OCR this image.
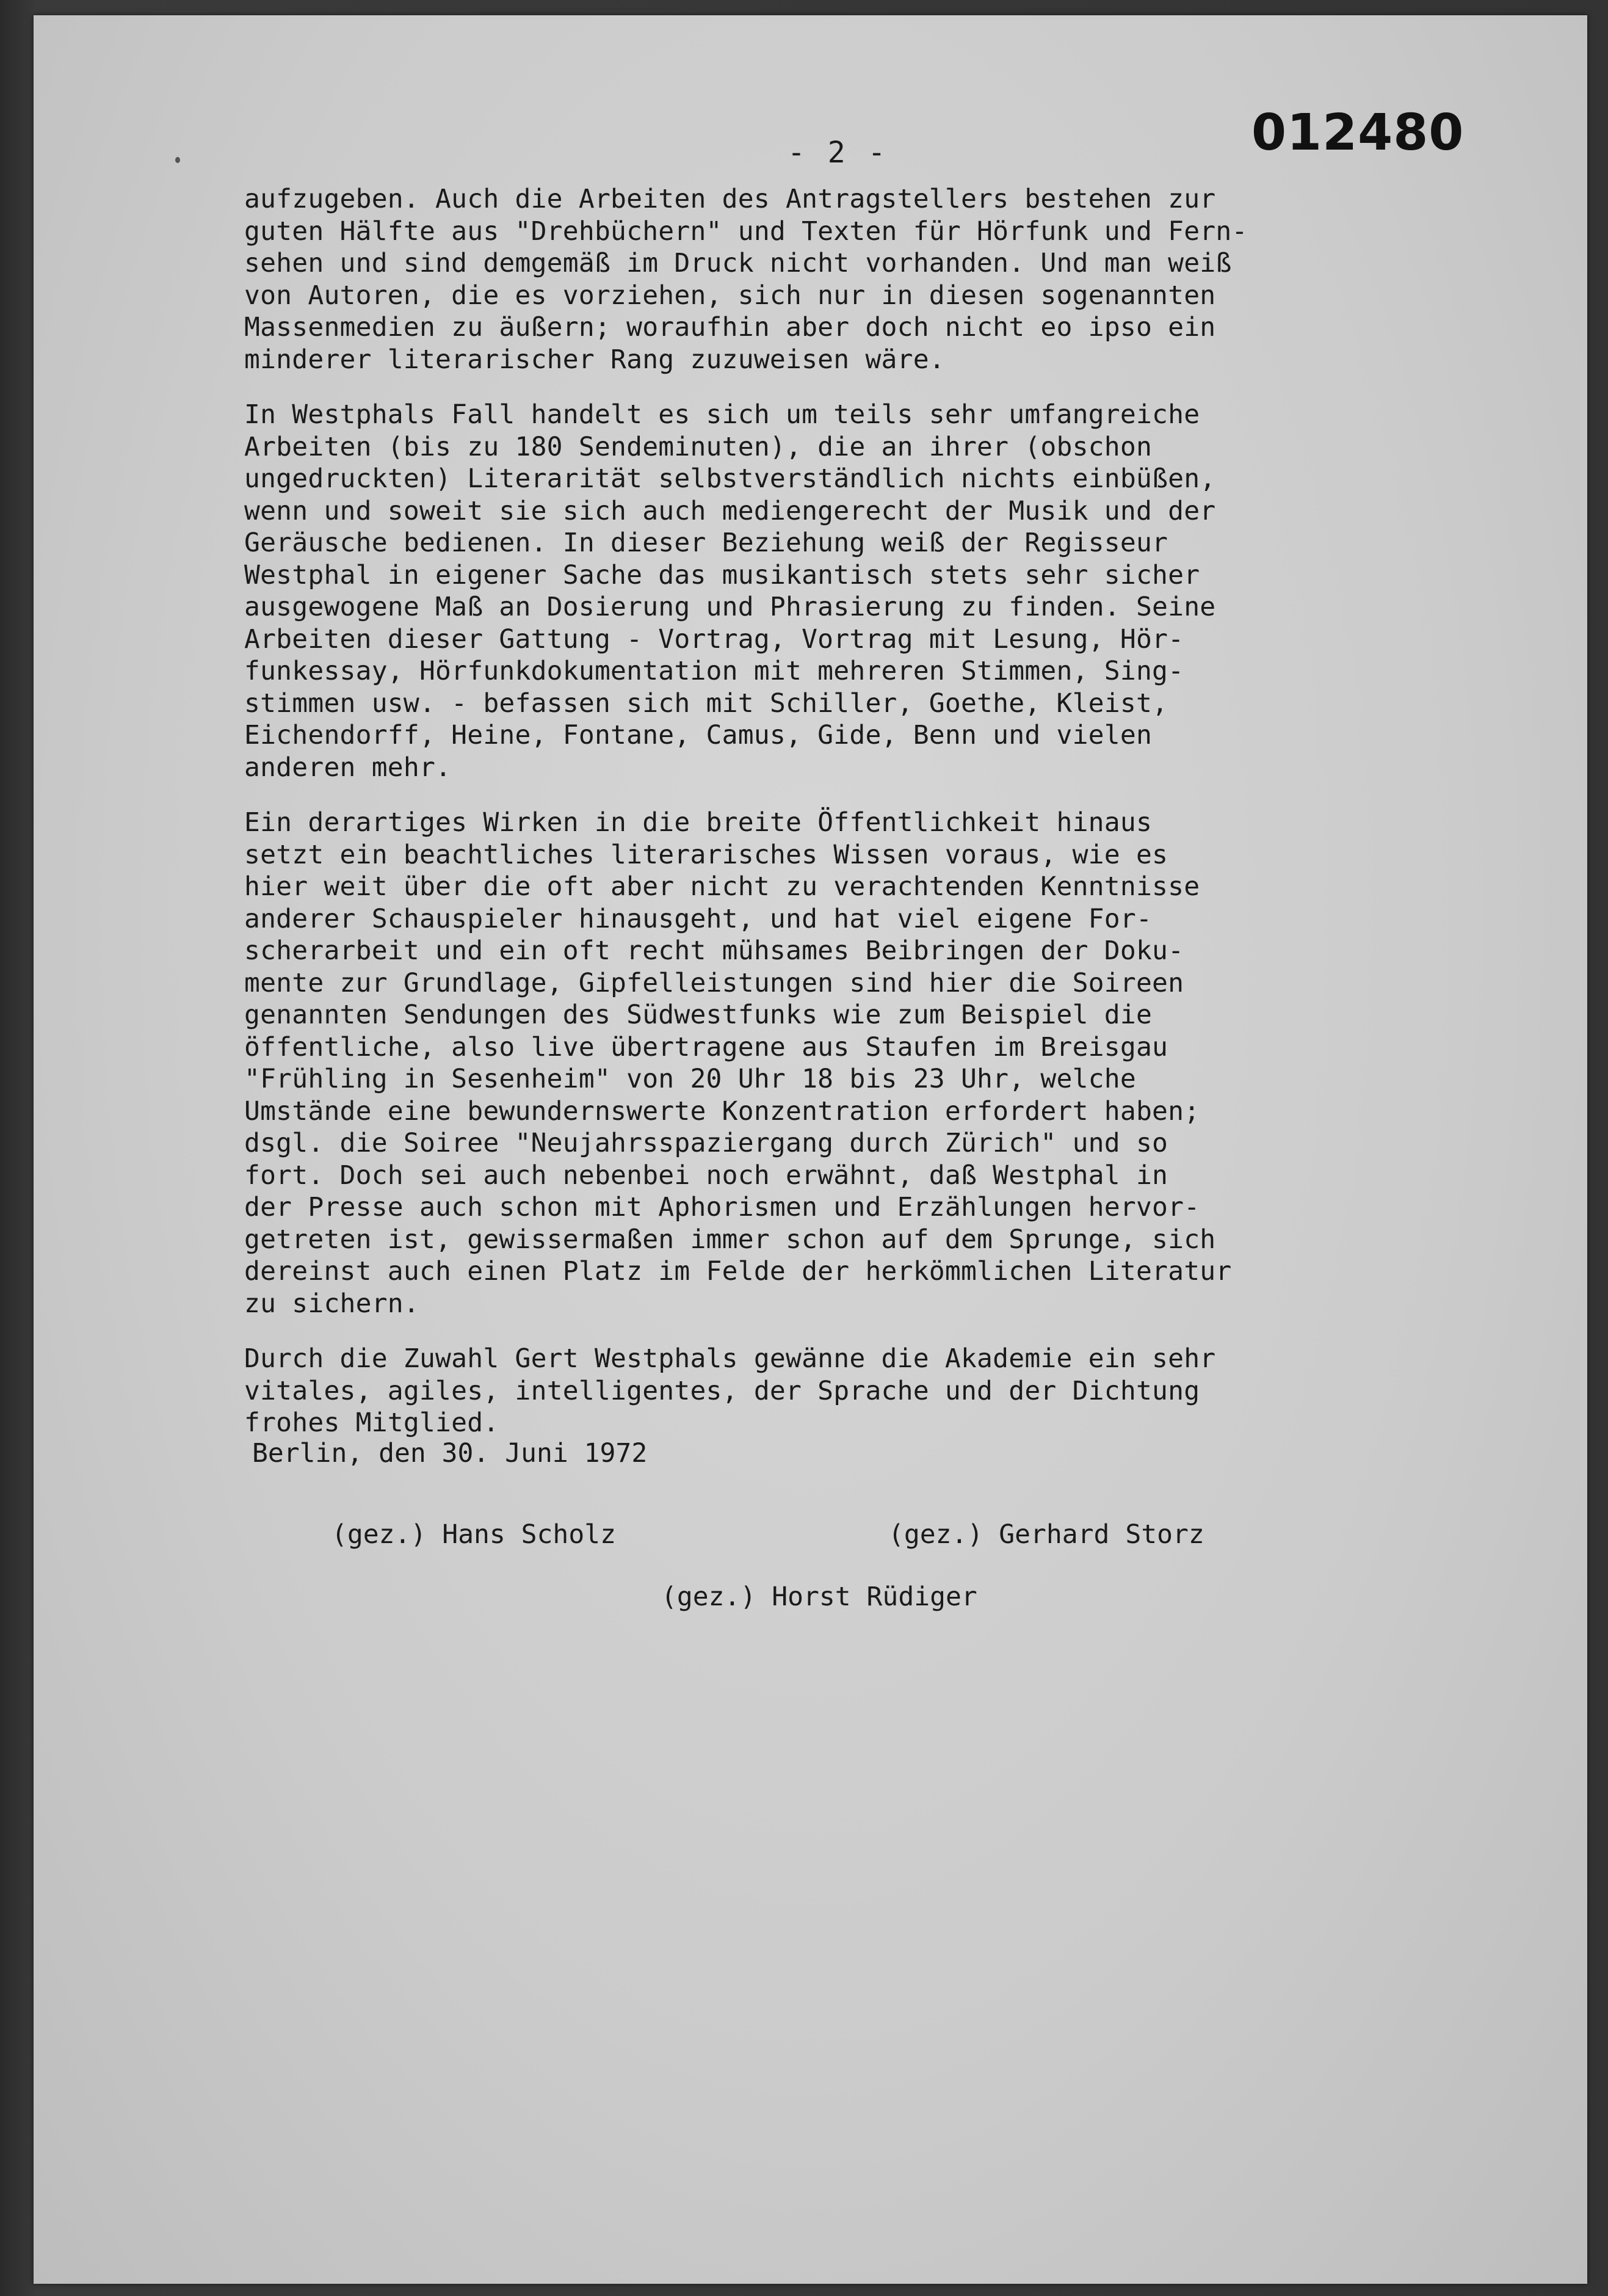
- 2 -	012480
aufzugeben. Auch die Arbeiten des Antragstellers bestehen zur
guten Hälfte aus "Drehbüchern" und Texten für Hörfunk und Fern-
sehen und sind demgemäß im Druck nicht vorhanden. Und man weiß
von Autoren, die es vorziehen, sich nur in diesen sogenannten
Massenmedien zu äußern; woraufhin aber doch nicht eo ipso ein
minderer literarischer Rang zuzuweisen wäre.
In Westphals Fall handelt es sich um teils sehr umfangreiche
Arbeiten (bis zu 180 Sendeminuten), die an ihrer (obschon
ungedruckten) Literarität selbstverständlich nichts einbüßen,
wenn und soweit sie sich auch mediengerecht der Musik und der
Geräusche bedienen. In dieser Beziehung weiß der Regisseur
Westphal in eigener Sache das musikantisch stets sehr sicher
ausgewogene Maß an Dosierung und Phrasierung zu finden. Seine
Arbeiten dieser Gattung - Vortrag, Vortrag mit Lesung, Hör-
funkessay, Hörfunkdokumentation mit mehreren Stimmen, Sing-
stimmen usw. - befassen sich mit Schiller, Goethe, Kleist,
Eichendorff, Heine, Fontane, Camus, Gide, Benn und vielen
anderen mehr.
Ein derartiges Wirken in die breite Öffentlichkeit hinaus
setzt ein beachtliches literarisches Wissen voraus, wie es
hier weit über die oft aber nicht zu verachtenden Kenntnisse
anderer Schauspieler hinausgeht, und hat viel eigene For-
scherarbeit und ein oft recht mühsames Beibringen der Doku-
mente zur Grundlage, Gipfelleistungen sind hier die Soireen
genannten Sendungen des Südwestfunks wie zum Beispiel die
öffentliche, also live übertragene aus Staufen im Breisgau
"Frühling in Sesenheim" von 20 Uhr 18 bis 23 Uhr, welche
Umstände eine bewundernswerte Konzentration erfordert haben;
dsgl. die Soiree "Neujahrsspaziergang durch Zürich" und so
fort. Doch sei auch nebenbei noch erwähnt, daß Westphal in
der Presse auch schon mit Aphorismen und Erzählungen hervor-
getreten ist, gewissermaßen immer schon auf dem Sprunge, sich
dereinst auch einen Platz im Felde der herkömmlichen Literatur
zu sichern.
Durch die Zuwahl Gert Westphals gewänne die Akademie ein sehr
vitales, agiles, intelligentes, der Sprache und der Dichtung
frohes Mitglied.
Berlin, den 30. Juni 1972
(gez.) Hans Scholz	(gez.) Gerhard Storz
(gez.) Horst Rüdiger
